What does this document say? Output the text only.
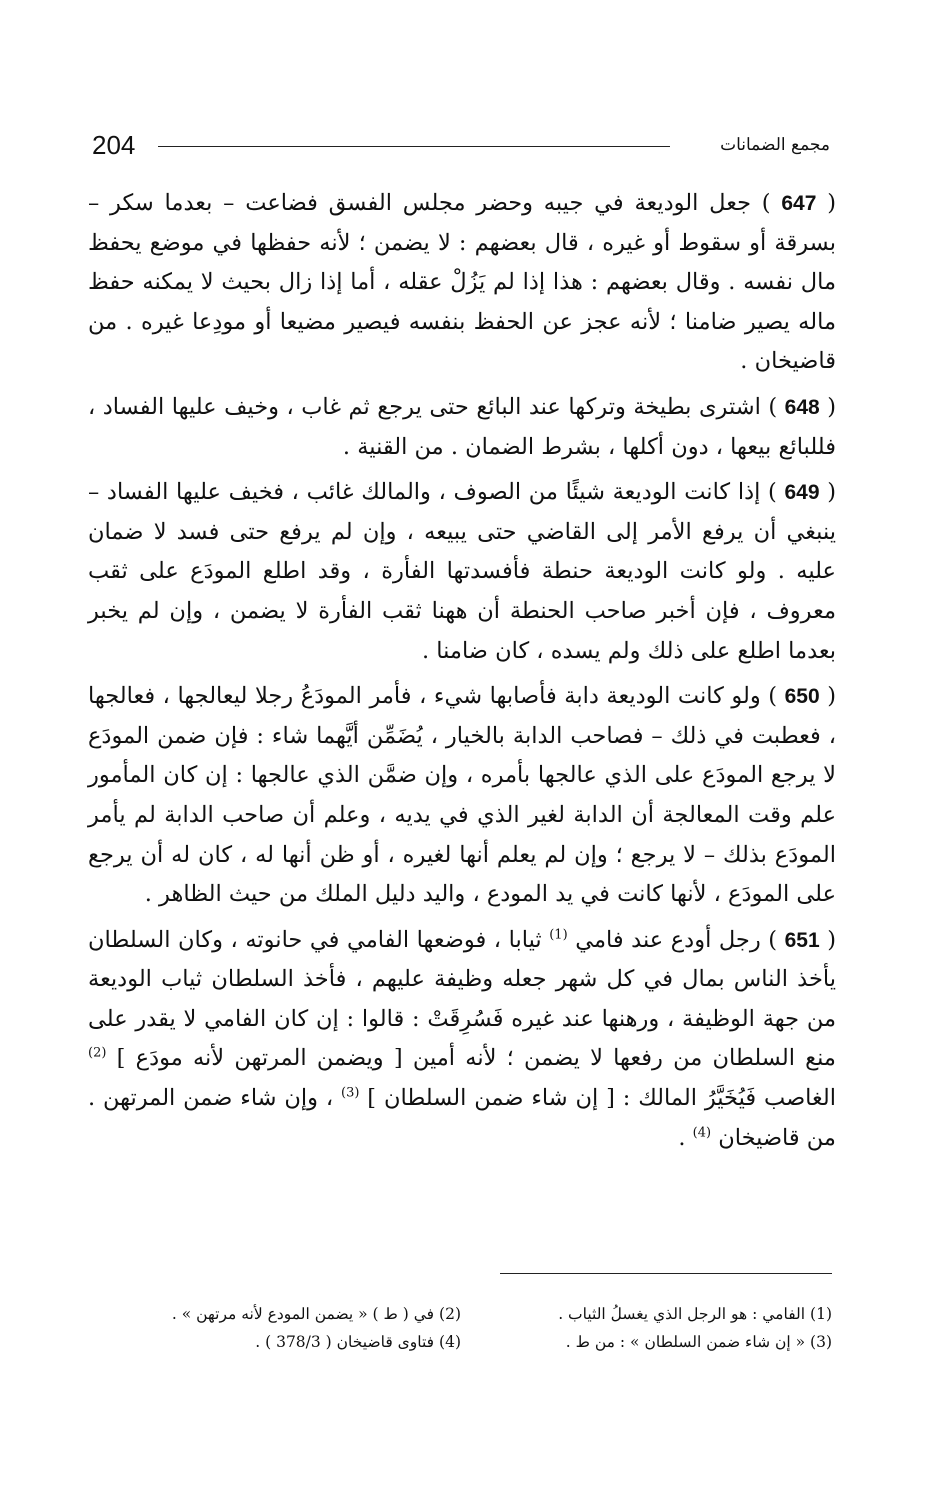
204	مجمع الضمانات

( 647 ) جعل الوديعة في جيبه وحضر مجلس الفسق فضاعت – بعدما سكر – بسرقة أو سقوط أو غيره ، قال بعضهم : لا يضمن ؛ لأنه حفظها في موضع يحفظ مال نفسه . وقال بعضهم : هذا إذا لم يَزُلْ عقله ، أما إذا زال بحيث لا يمكنه حفظ ماله يصير ضامنا ؛ لأنه عجز عن الحفظ بنفسه فيصير مضيعا أو مودِعا غيره . من قاضيخان .

( 648 ) اشترى بطيخة وتركها عند البائع حتى يرجع ثم غاب ، وخيف عليها الفساد ، فللبائع بيعها ، دون أكلها ، بشرط الضمان . من القنية .

( 649 ) إذا كانت الوديعة شيئًا من الصوف ، والمالك غائب ، فخيف عليها الفساد – ينبغي أن يرفع الأمر إلى القاضي حتى يبيعه ، وإن لم يرفع حتى فسد لا ضمان عليه . ولو كانت الوديعة حنطة فأفسدتها الفأرة ، وقد اطلع المودَع على ثقب معروف ، فإن أخبر صاحب الحنطة أن ههنا ثقب الفأرة لا يضمن ، وإن لم يخبر بعدما اطلع على ذلك ولم يسده ، كان ضامنا .

( 650 ) ولو كانت الوديعة دابة فأصابها شيء ، فأمر المودَعُ رجلا ليعالجها ، فعالجها ، فعطبت في ذلك – فصاحب الدابة بالخيار ، يُضَمِّن أيَّهما شاء : فإن ضمن المودَع لا يرجع المودَع على الذي عالجها بأمره ، وإن ضمَّن الذي عالجها : إن كان المأمور علم وقت المعالجة أن الدابة لغير الذي في يديه ، وعلم أن صاحب الدابة لم يأمر المودَع بذلك – لا يرجع ؛ وإن لم يعلم أنها لغيره ، أو ظن أنها له ، كان له أن يرجع على المودَع ، لأنها كانت في يد المودع ، واليد دليل الملك من حيث الظاهر .

( 651 ) رجل أودع عند فامي $^{(1)}$ ثيابا ، فوضعها الفامي في حانوته ، وكان السلطان يأخذ الناس بمال في كل شهر جعله وظيفة عليهم ، فأخذ السلطان ثياب الوديعة من جهة الوظيفة ، ورهنها عند غيره فَسُرِقَتْ : قالوا : إن كان الفامي لا يقدر على منع السلطان من رفعها لا يضمن ؛ لأنه أمين [ ويضمن المرتهن لأنه مودَع ] $^{(2)}$ الغاصب فَيُخَيَّرُ المالك : [ إن شاء ضمن السلطان ] $^{(3)}$ ، وإن شاء ضمن المرتهن . من قاضيخان $^{(4)}$ .

(1) الفامي : هو الرجل الذي يغسلُ الثياب .
(2) في ( ط ) « يضمن المودع لأنه مرتهن » .
(3) « إن شاء ضمن السلطان » : من ط .
(4) فتاوى قاضيخان ( 378/3 ) .
